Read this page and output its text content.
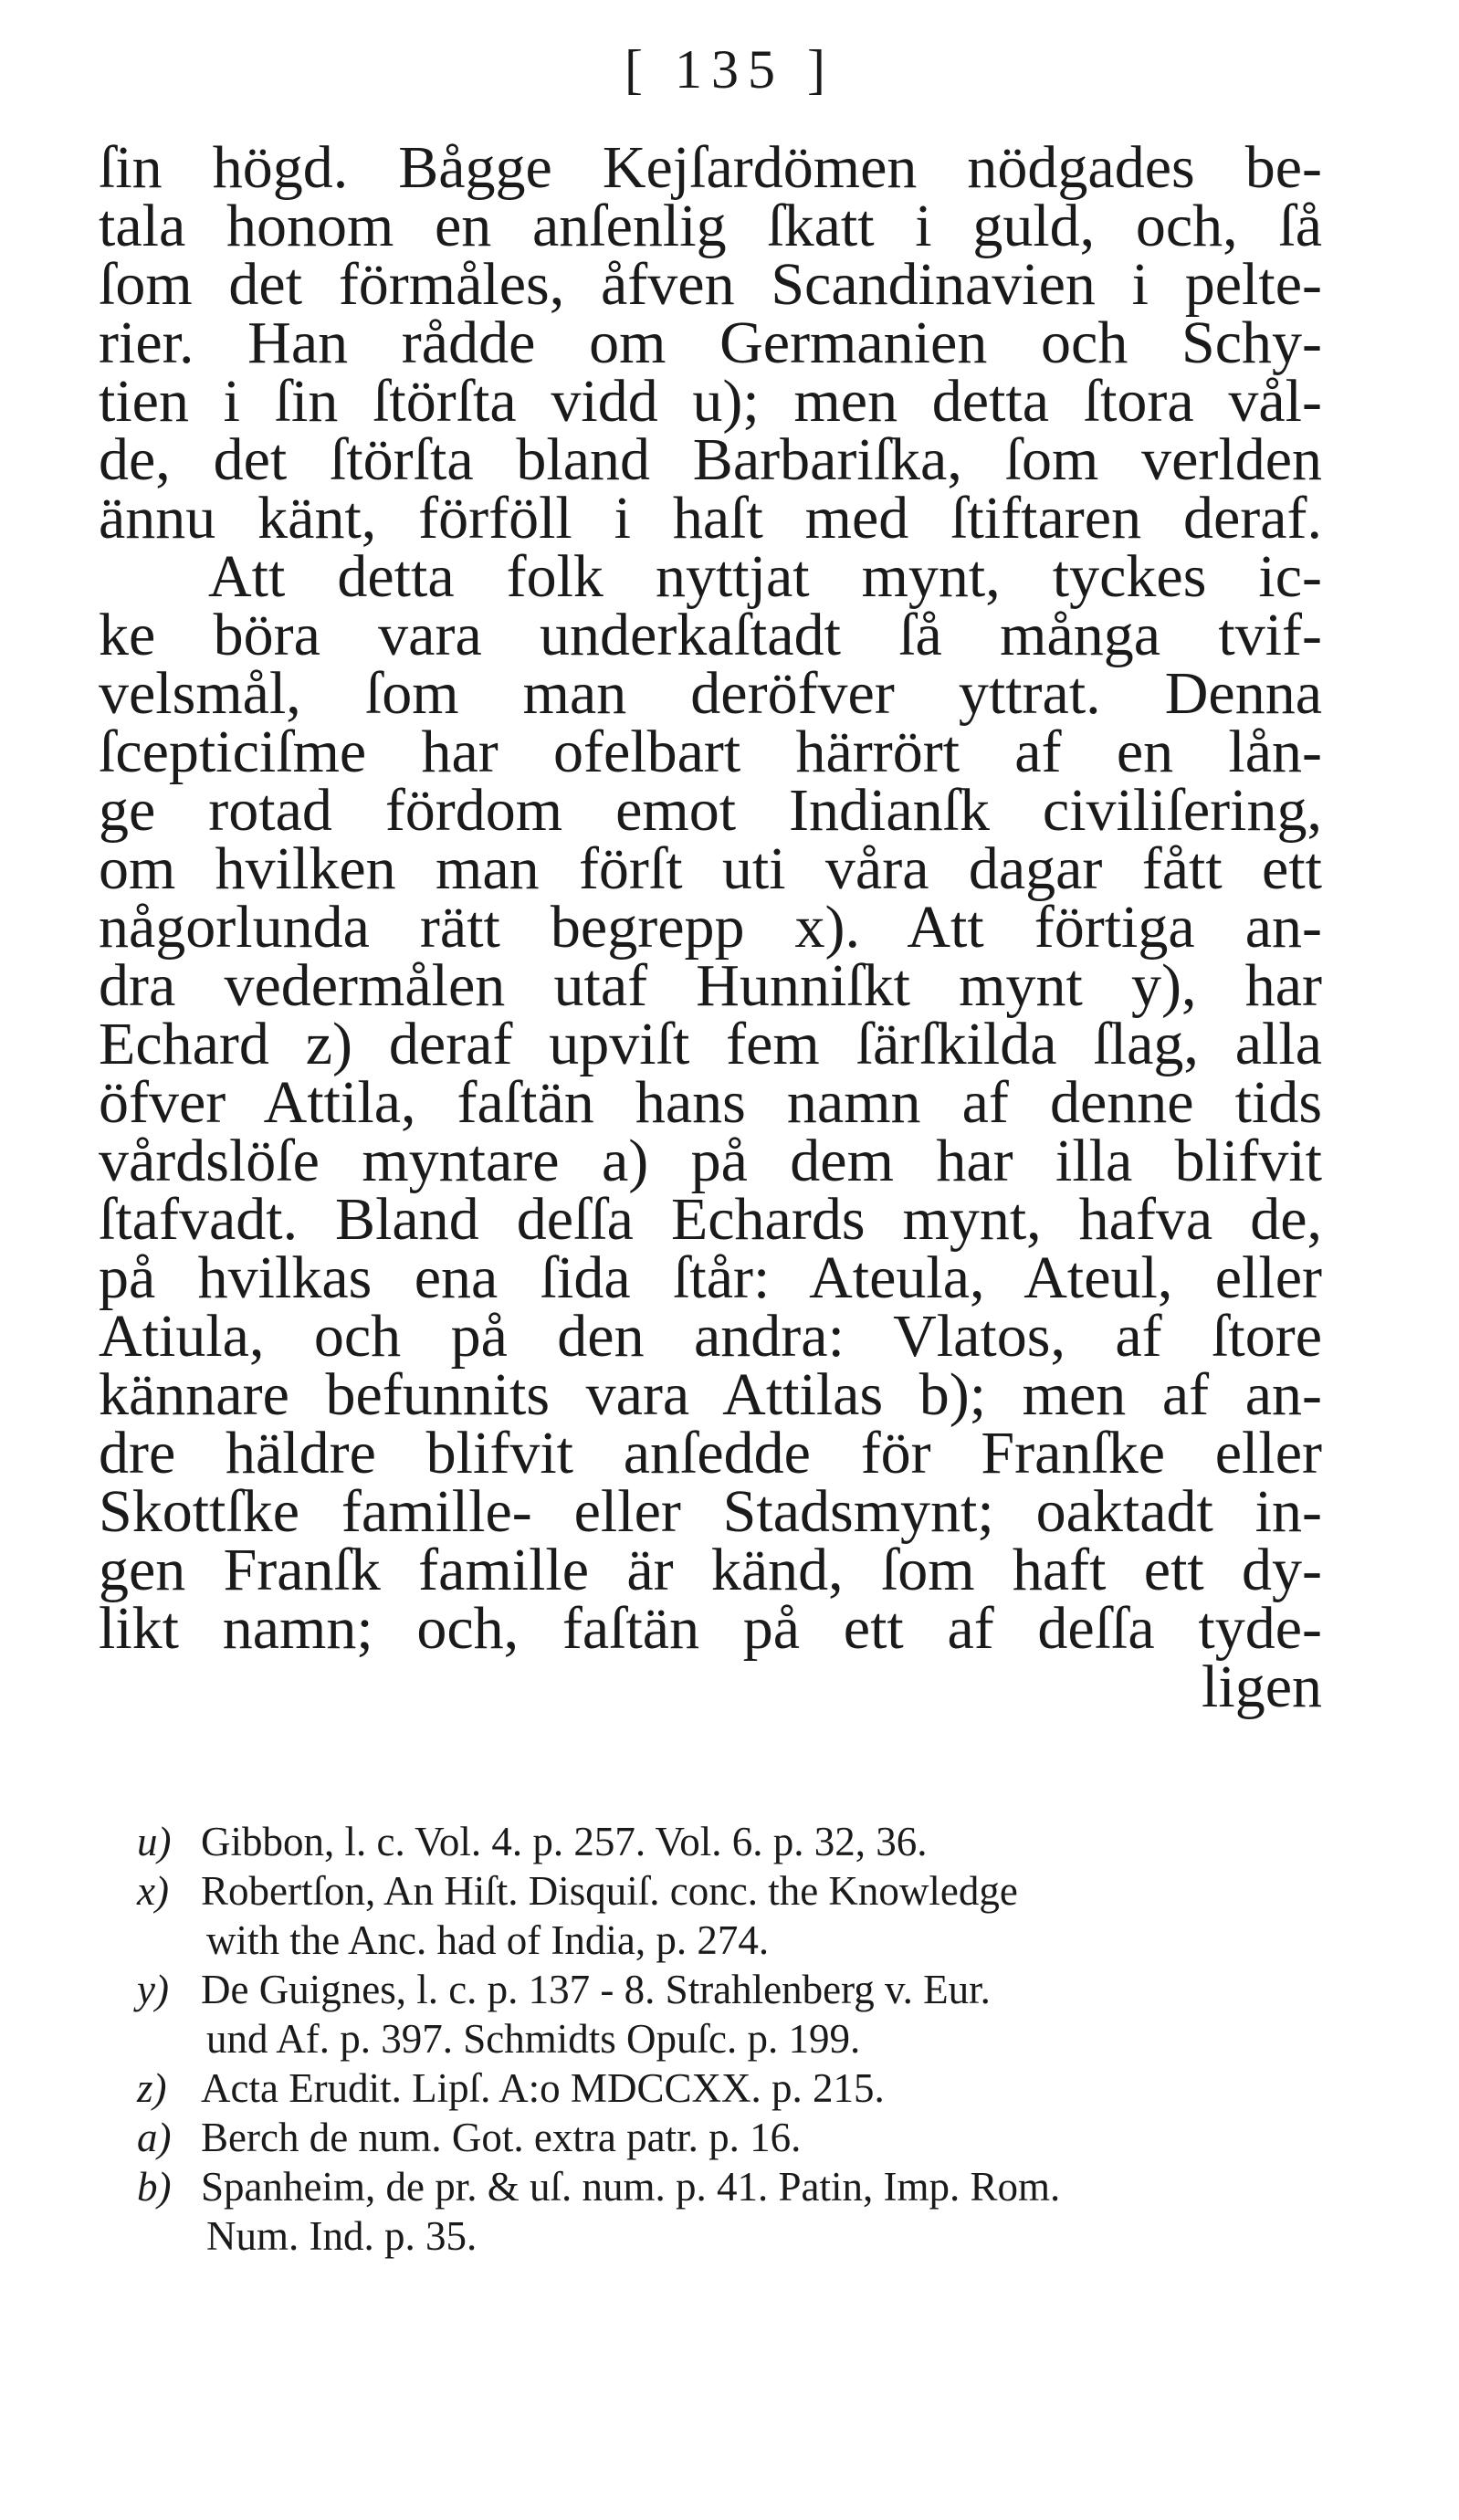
[ 135 ]
ſin högd. Bågge Kejſardömen nödgades be-
tala honom en anſenlig ſkatt i guld, och, ſå
ſom det förmåles, åfven Scandinavien i pelte-
rier. Han rådde om Germanien och Schy-
tien i ſin ſtörſta vidd u); men detta ſtora vål-
de, det ſtörſta bland Barbariſka, ſom verlden
ännu känt, förföll i haſt med ſtiftaren deraf.
Att detta folk nyttjat mynt, tyckes ic-
ke böra vara underkaſtadt ſå många tvif-
velsmål, ſom man deröfver yttrat. Denna
ſcepticiſme har ofelbart härrört af en lån-
ge rotad fördom emot Indianſk civiliſering,
om hvilken man förſt uti våra dagar fått ett
någorlunda rätt begrepp x). Att förtiga an-
dra vedermålen utaf Hunniſkt mynt y), har
Echard z) deraf upviſt fem ſärſkilda ſlag, alla
öfver Attila, faſtän hans namn af denne tids
vårdslöſe myntare a) på dem har illa blifvit
ſtafvadt. Bland deſſa Echards mynt, hafva de,
på hvilkas ena ſida ſtår: Ateula, Ateul, eller
Atiula, och på den andra: Vlatos, af ſtore
kännare befunnits vara Attilas b); men af an-
dre häldre blifvit anſedde för Franſke eller
Skottſke famille- eller Stadsmynt; oaktadt in-
gen Franſk famille är känd, ſom haft ett dy-
likt namn; och, faſtän på ett af deſſa tyde-
ligen
u) Gibbon, l. c. Vol. 4. p. 257. Vol. 6. p. 32, 36.
x) Robertſon, An Hiſt. Disquiſ. conc. the Knowledge
with the Anc. had of India, p. 274.
y) De Guignes, l. c. p. 137 - 8. Strahlenberg v. Eur.
und Af. p. 397. Schmidts Opuſc. p. 199.
z) Acta Erudit. Lipſ. A:o MDCCXX. p. 215.
a) Berch de num. Got. extra patr. p. 16.
b) Spanheim, de pr. & uſ. num. p. 41. Patin, Imp. Rom.
Num. Ind. p. 35.
